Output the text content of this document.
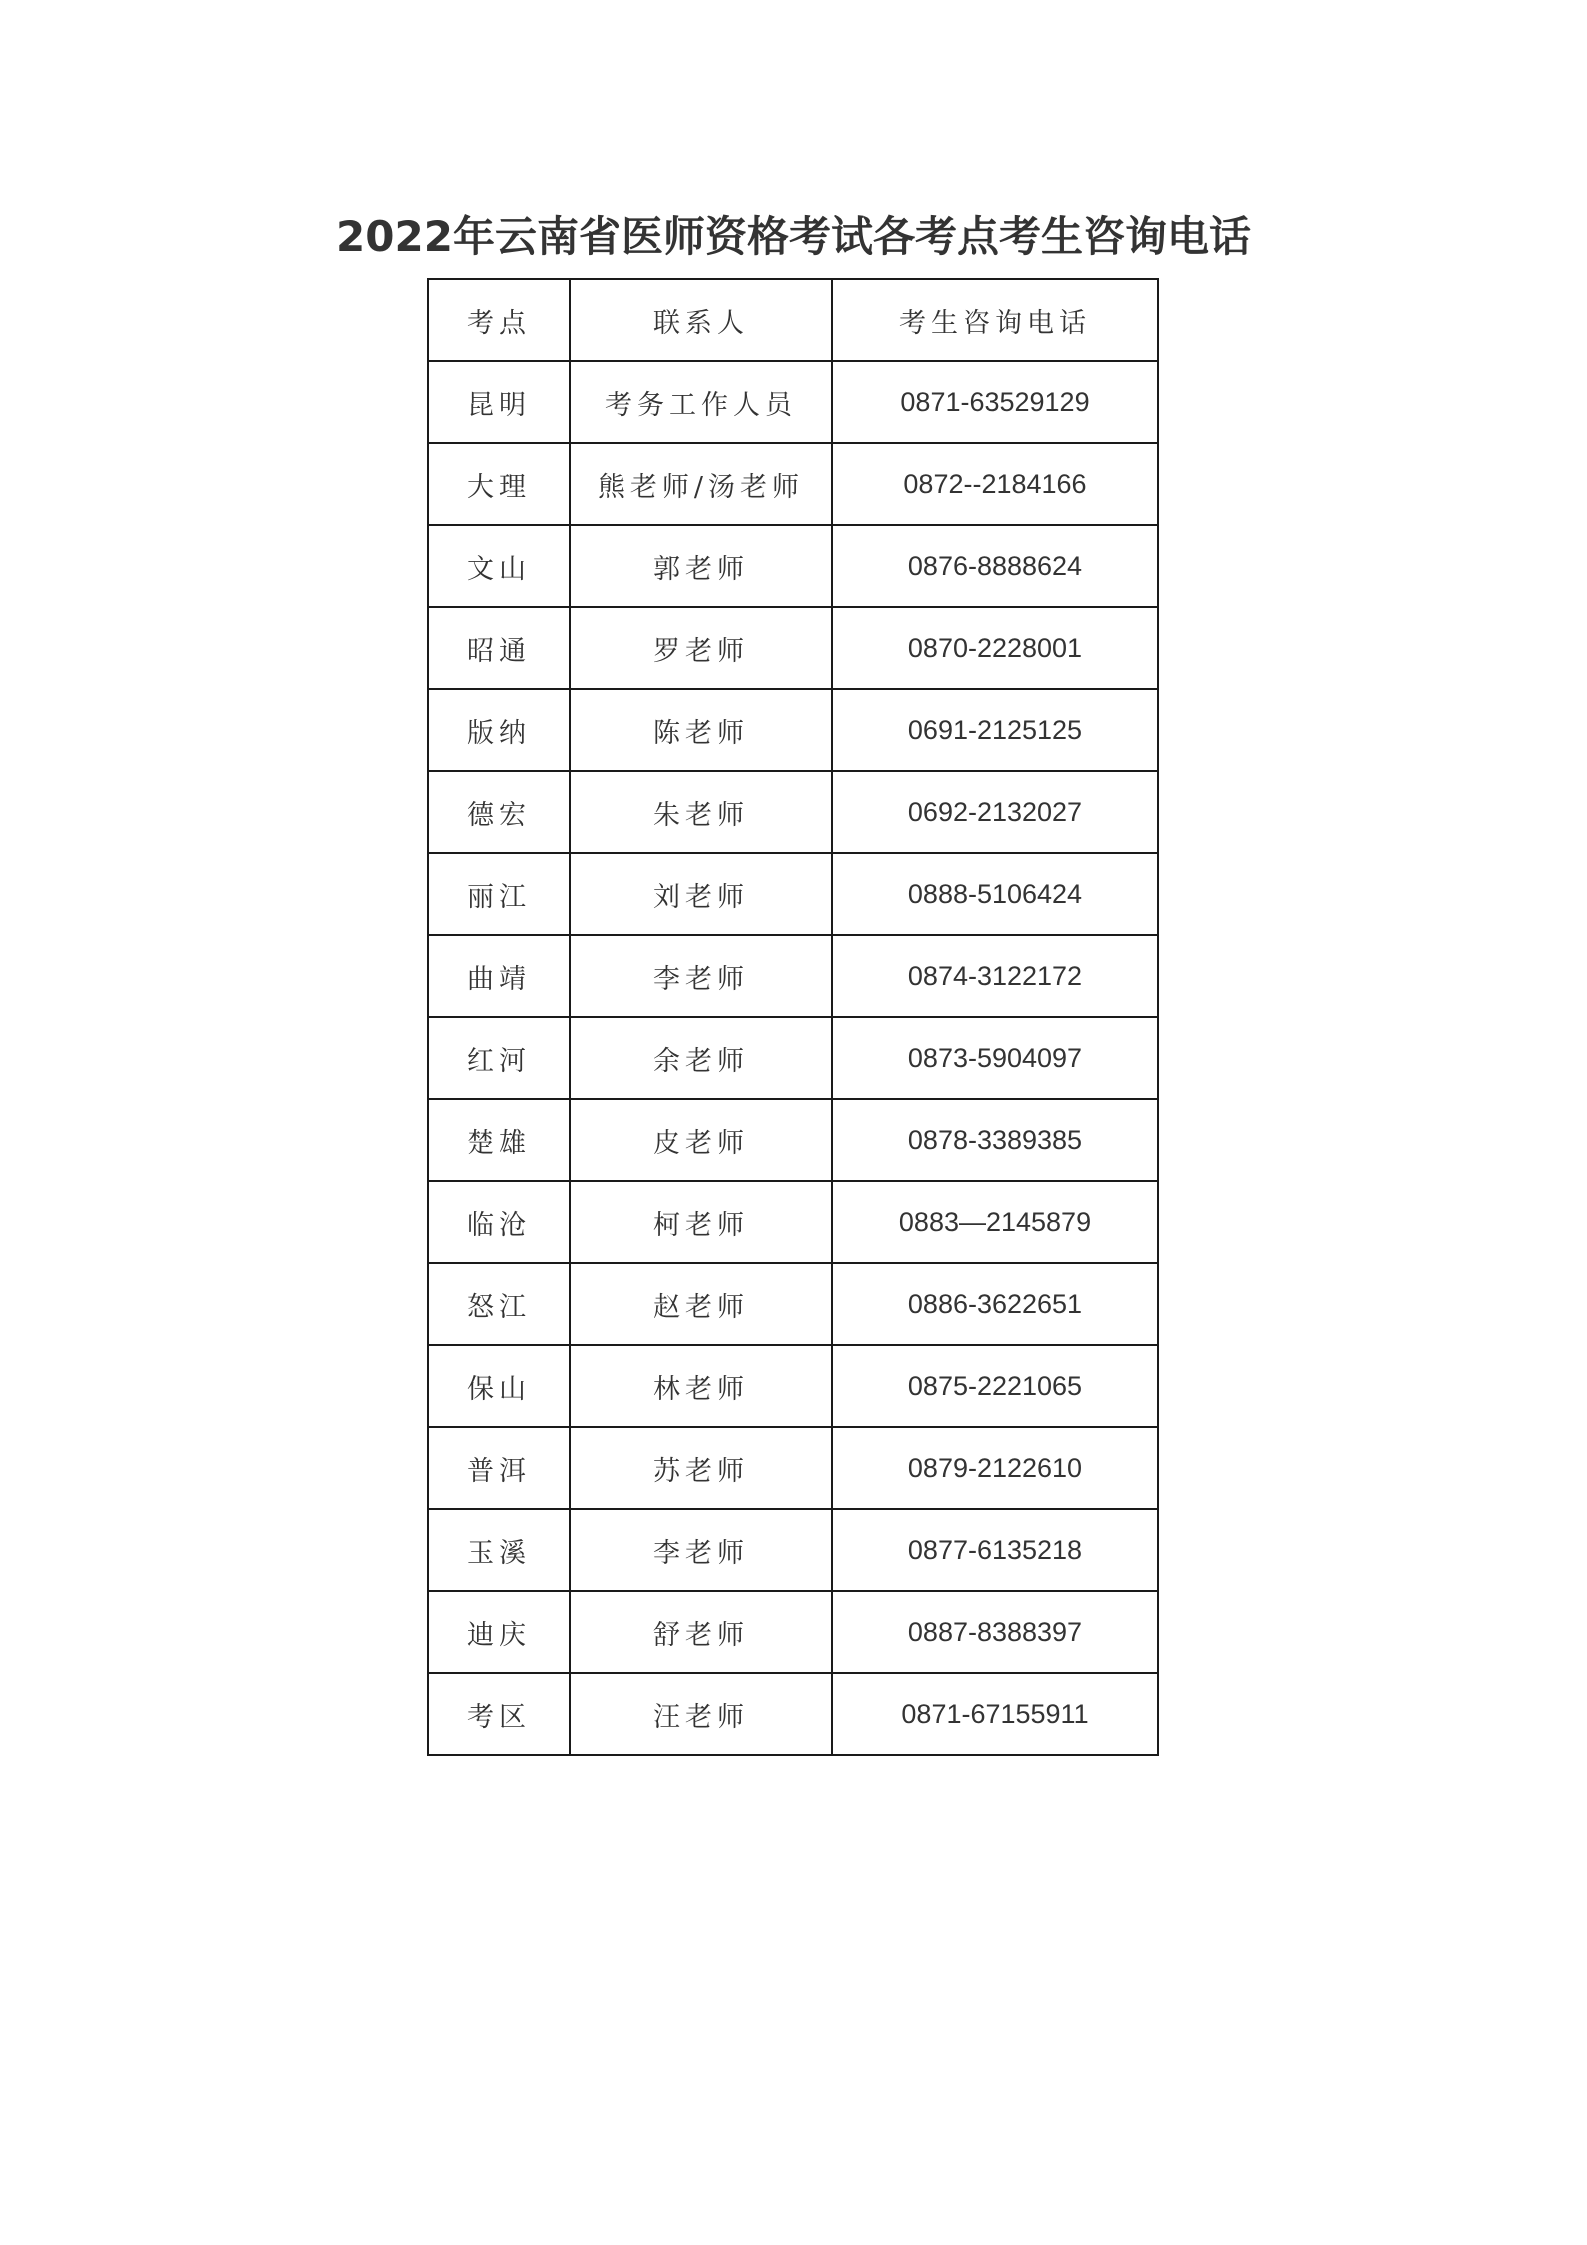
2022年云南省医师资格考试各考点考生咨询电话
考点	联系人	考生咨询电话
昆明	考务工作人员	0871-63529129
大理	熊老师/汤老师	0872--2184166
文山	郭老师	0876-8888624
昭通	罗老师	0870-2228001
版纳	陈老师	0691-2125125
德宏	朱老师	0692-2132027
丽江	刘老师	0888-5106424
曲靖	李老师	0874-3122172
红河	余老师	0873-5904097
楚雄	皮老师	0878-3389385
临沧	柯老师	0883—2145879
怒江	赵老师	0886-3622651
保山	林老师	0875-2221065
普洱	苏老师	0879-2122610
玉溪	李老师	0877-6135218
迪庆	舒老师	0887-8388397
考区	汪老师	0871-67155911
